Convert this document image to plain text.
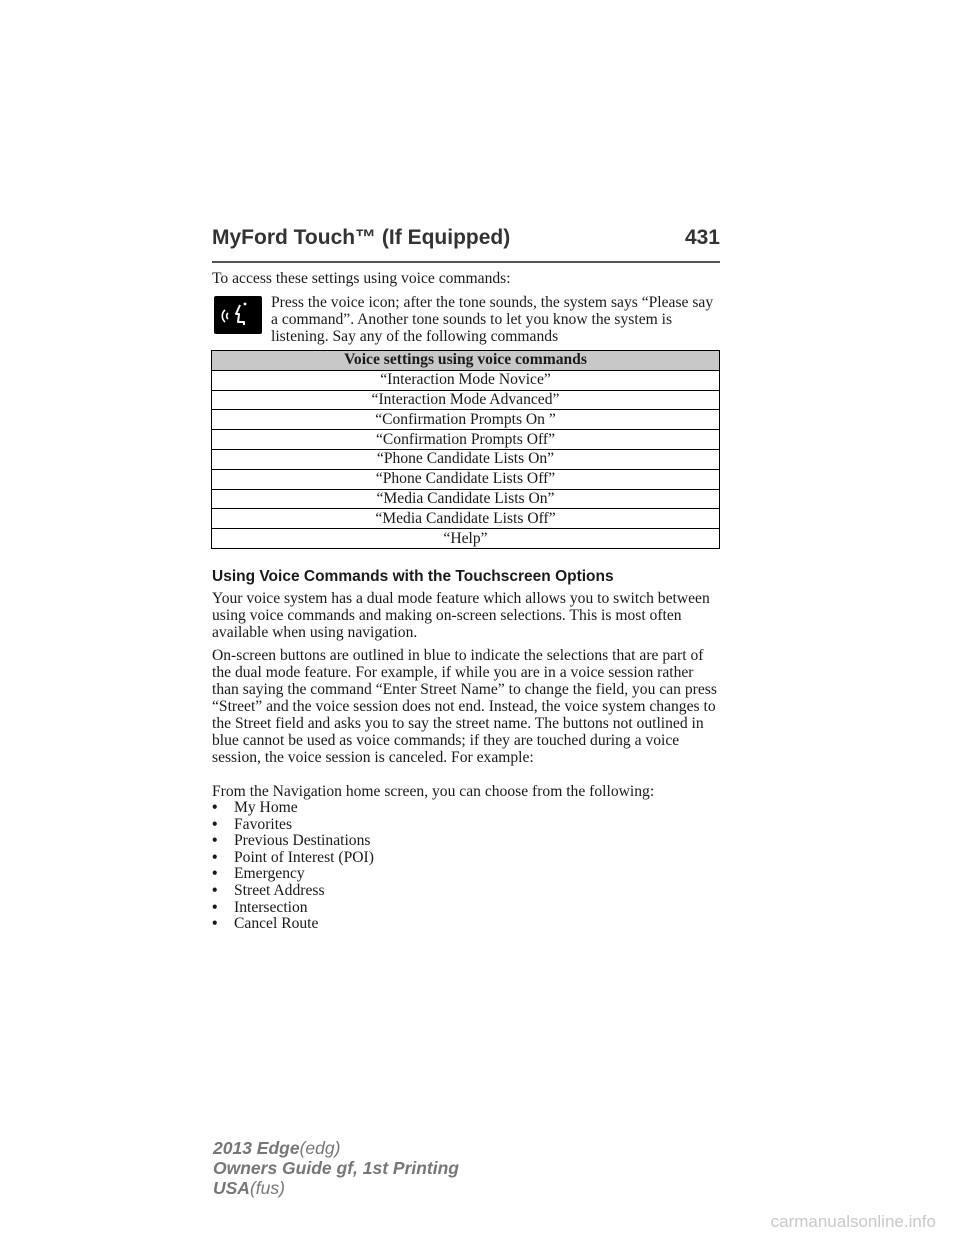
MyFord Touch™ (If Equipped)	431
To access these settings using voice commands:
Press the voice icon; after the tone sounds, the system says “Please say a command”. Another tone sounds to let you know the system is listening. Say any of the following commands
Voice settings using voice commands
“Interaction Mode Novice”
“Interaction Mode Advanced”
“Confirmation Prompts On ”
“Confirmation Prompts Off”
“Phone Candidate Lists On”
“Phone Candidate Lists Off”
“Media Candidate Lists On”
“Media Candidate Lists Off”
“Help”
Using Voice Commands with the Touchscreen Options
Your voice system has a dual mode feature which allows you to switch between using voice commands and making on-screen selections. This is most often available when using navigation.
On-screen buttons are outlined in blue to indicate the selections that are part of the dual mode feature. For example, if while you are in a voice session rather than saying the command “Enter Street Name” to change the field, you can press “Street” and the voice session does not end. Instead, the voice system changes to the Street field and asks you to say the street name. The buttons not outlined in blue cannot be used as voice commands; if they are touched during a voice session, the voice session is canceled. For example:
From the Navigation home screen, you can choose from the following:
• My Home
• Favorites
• Previous Destinations
• Point of Interest (POI)
• Emergency
• Street Address
• Intersection
• Cancel Route
2013 Edge(edg)
Owners Guide gf, 1st Printing
USA(fus)
carmanualsonline.info
